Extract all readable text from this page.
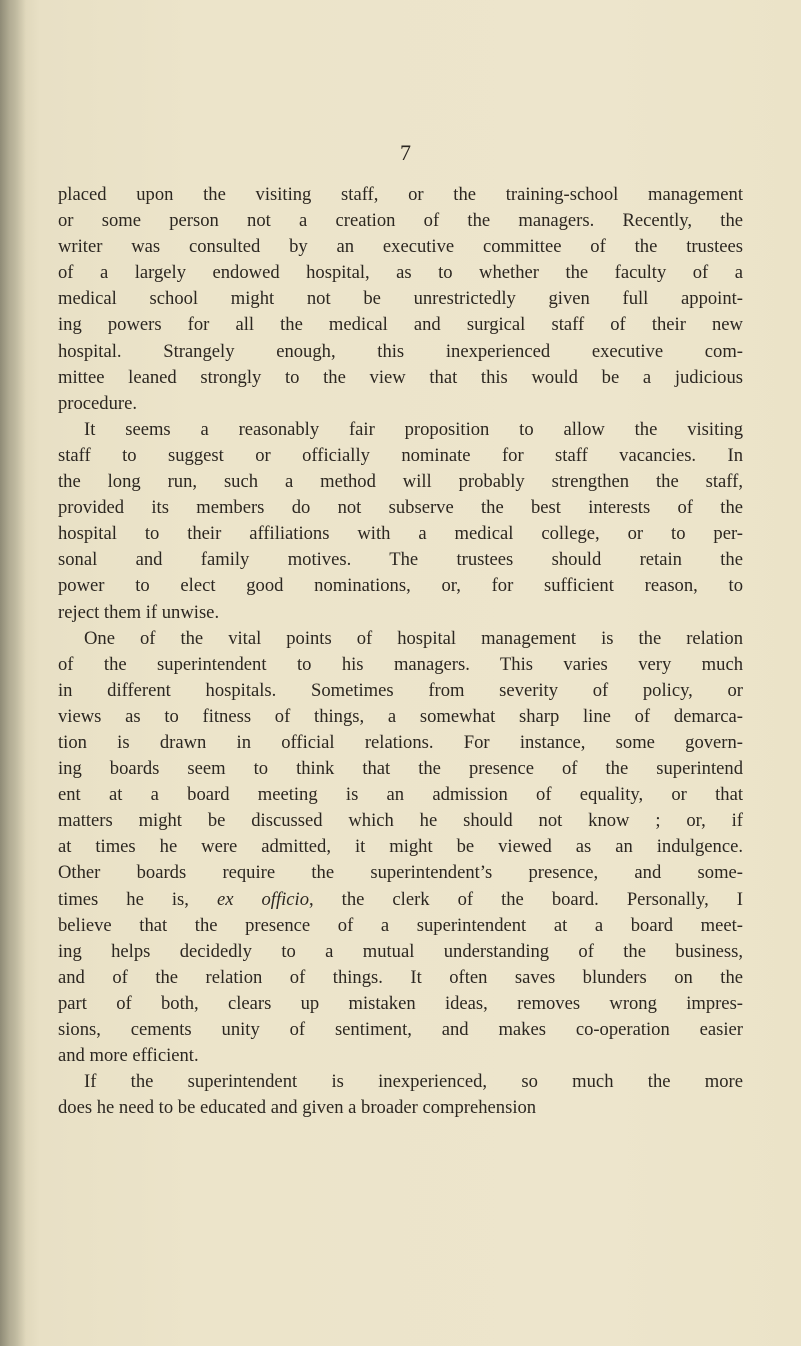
7
placed upon the visiting staff, or the training-school management
or some person not a creation of the managers. Recently, the
writer was consulted by an executive committee of the trustees
of a largely endowed hospital, as to whether the faculty of a
medical school might not be unrestrictedly given full appoint-
ing powers for all the medical and surgical staff of their new
hospital. Strangely enough, this inexperienced executive com-
mittee leaned strongly to the view that this would be a judicious
procedure.
It seems a reasonably fair proposition to allow the visiting
staff to suggest or officially nominate for staff vacancies. In
the long run, such a method will probably strengthen the staff,
provided its members do not subserve the best interests of the
hospital to their affiliations with a medical college, or to per-
sonal and family motives. The trustees should retain the
power to elect good nominations, or, for sufficient reason, to
reject them if unwise.
One of the vital points of hospital management is the relation
of the superintendent to his managers. This varies very much
in different hospitals. Sometimes from severity of policy, or
views as to fitness of things, a somewhat sharp line of demarca-
tion is drawn in official relations. For instance, some govern-
ing boards seem to think that the presence of the superintend
ent at a board meeting is an admission of equality, or that
matters might be discussed which he should not know ; or, if
at times he were admitted, it might be viewed as an indulgence.
Other boards require the superintendent’s presence, and some-
times he is, ex officio, the clerk of the board. Personally, I
believe that the presence of a superintendent at a board meet-
ing helps decidedly to a mutual understanding of the business,
and of the relation of things. It often saves blunders on the
part of both, clears up mistaken ideas, removes wrong impres-
sions, cements unity of sentiment, and makes co-operation easier
and more efficient.
If the superintendent is inexperienced, so much the more
does he need to be educated and given a broader comprehension
